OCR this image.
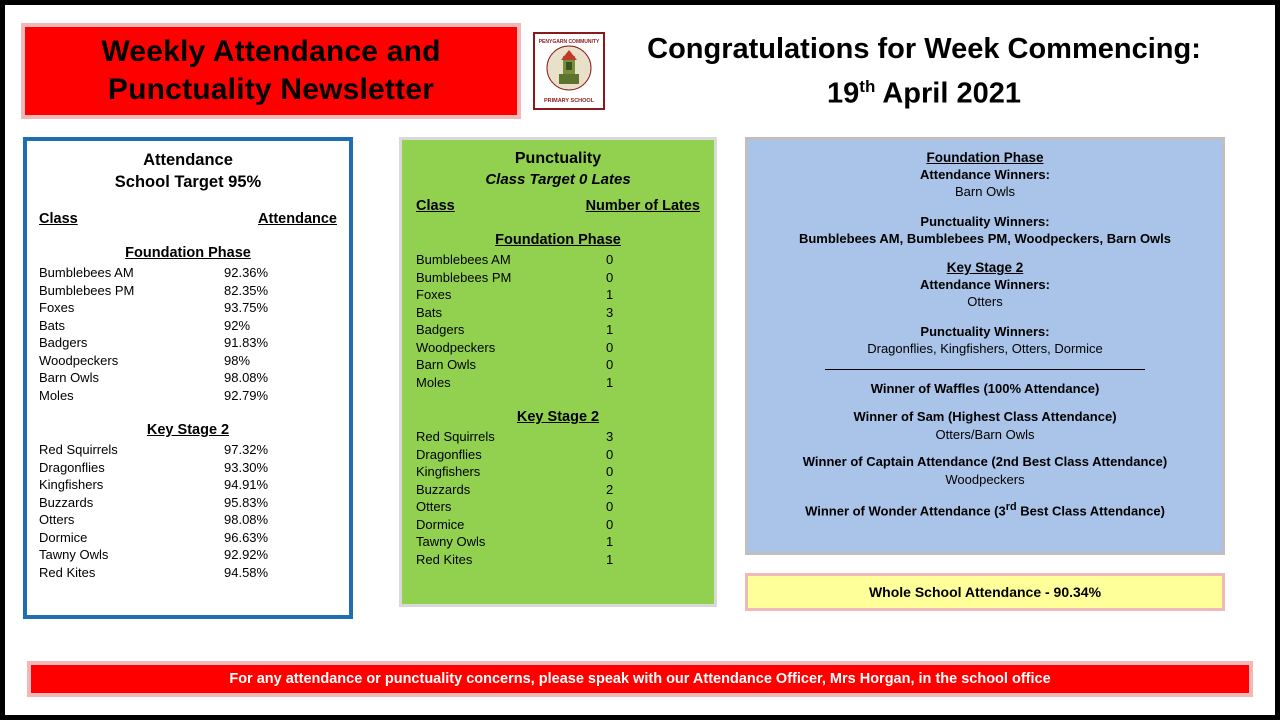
Weekly Attendance and
Punctuality Newsletter
PENYGARN COMMUNITY
PRIMARY SCHOOL
Congratulations for Week Commencing:
19th April 2021
Attendance
School Target 95%
Class	Attendance
Foundation Phase
Bumblebees AM	92.36%
Bumblebees PM	82.35%
Foxes	93.75%
Bats	92%
Badgers	91.83%
Woodpeckers	98%
Barn Owls	98.08%
Moles	92.79%
Key Stage 2
Red Squirrels	97.32%
Dragonflies	93.30%
Kingfishers	94.91%
Buzzards	95.83%
Otters	98.08%
Dormice	96.63%
Tawny Owls	92.92%
Red Kites	94.58%
Punctuality
Class Target 0 Lates
Class	Number of Lates
Foundation Phase
Bumblebees AM	0
Bumblebees PM	0
Foxes	1
Bats	3
Badgers	1
Woodpeckers	0
Barn Owls	0
Moles	1
Key Stage 2
Red Squirrels	3
Dragonflies	0
Kingfishers	0
Buzzards	2
Otters	0
Dormice	0
Tawny Owls	1
Red Kites	1
Foundation Phase
Attendance Winners:
Barn Owls
Punctuality Winners:
Bumblebees AM, Bumblebees PM, Woodpeckers, Barn Owls
Key Stage 2
Attendance Winners:
Otters
Punctuality Winners:
Dragonflies, Kingfishers, Otters, Dormice
Winner of Waffles (100% Attendance)
Winner of Sam (Highest Class Attendance)
Otters/Barn Owls
Winner of Captain Attendance (2nd Best Class Attendance)
Woodpeckers
Winner of Wonder Attendance (3rd Best Class Attendance)
Whole School Attendance - 90.34%
For any attendance or punctuality concerns, please speak with our Attendance Officer, Mrs Horgan, in the school office
